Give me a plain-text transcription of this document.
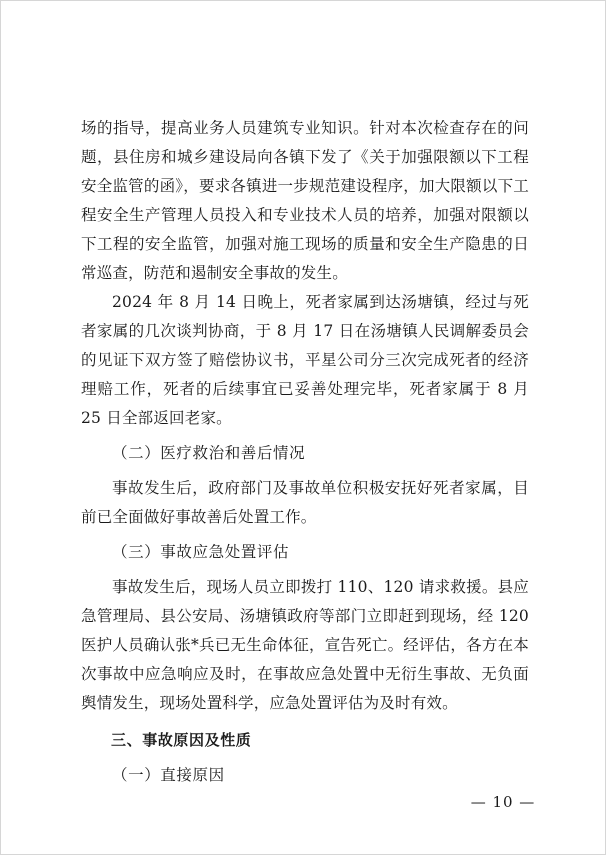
场的指导，提高业务人员建筑专业知识。针对本次检查存在的问题，县住房和城乡建设局向各镇下发了《关于加强限额以下工程安全监管的函》，要求各镇进一步规范建设程序，加大限额以下工程安全生产管理人员投入和专业技术人员的培养，加强对限额以下工程的安全监管，加强对施工现场的质量和安全生产隐患的日常巡查，防范和遏制安全事故的发生。

2024 年 8 月 14 日晚上，死者家属到达汤塘镇，经过与死者家属的几次谈判协商，于 8 月 17 日在汤塘镇人民调解委员会的见证下双方签了赔偿协议书，平星公司分三次完成死者的经济理赔工作，死者的后续事宜已妥善处理完毕，死者家属于 8 月 25 日全部返回老家。

（二）医疗救治和善后情况

事故发生后，政府部门及事故单位积极安抚好死者家属，目前已全面做好事故善后处置工作。

（三）事故应急处置评估

事故发生后，现场人员立即拨打 110、120 请求救援。县应急管理局、县公安局、汤塘镇政府等部门立即赶到现场，经 120 医护人员确认张*兵已无生命体征，宣告死亡。经评估，各方在本次事故中应急响应及时，在事故应急处置中无衍生事故、无负面舆情发生，现场处置科学，应急处置评估为及时有效。

三、事故原因及性质

（一）直接原因

— 10 —
